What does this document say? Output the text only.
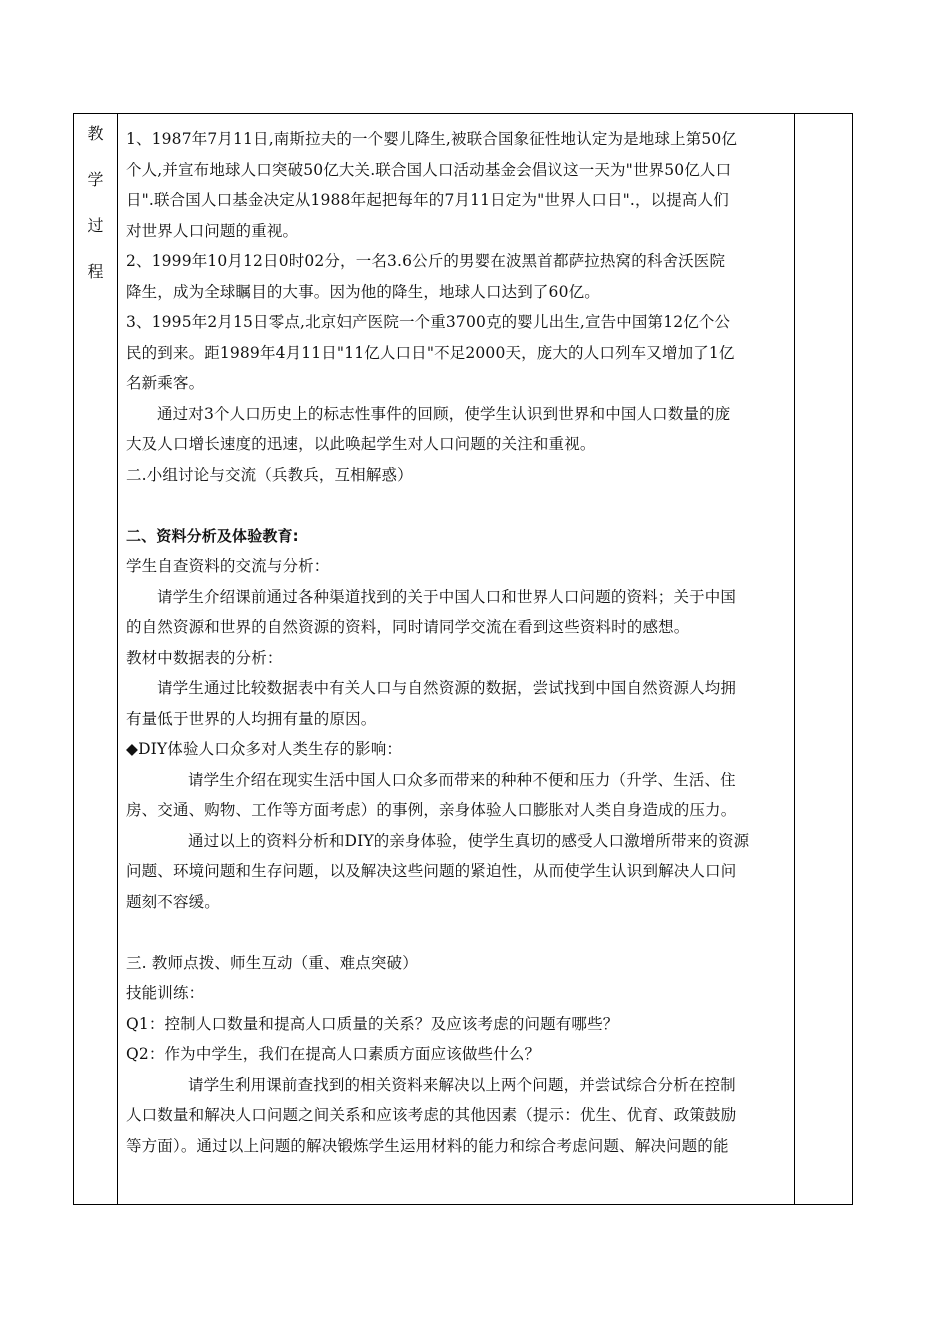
教
学
过
程

1、1987年7月11日,南斯拉夫的一个婴儿降生,被联合国象征性地认定为是地球上第50亿

个人,并宣布地球人口突破50亿大关.联合国人口活动基金会倡议这一天为"世界50亿人口

日".联合国人口基金决定从1988年起把每年的7月11日定为"世界人口日".，以提高人们

对世界人口问题的重视。

2、1999年10月12日0时02分，一名3.6公斤的男婴在波黑首都萨拉热窝的科舍沃医院

降生，成为全球瞩目的大事。因为他的降生，地球人口达到了60亿。

3、1995年2月15日零点,北京妇产医院一个重3700克的婴儿出生,宣告中国第12亿个公

民的到来。距1989年4月11日"11亿人口日"不足2000天，庞大的人口列车又增加了1亿

名新乘客。

通过对3个人口历史上的标志性事件的回顾，使学生认识到世界和中国人口数量的庞

大及人口增长速度的迅速，以此唤起学生对人口问题的关注和重视。

二.小组讨论与交流（兵教兵，互相解惑）

二、资料分析及体验教育:

学生自查资料的交流与分析：

请学生介绍课前通过各种渠道找到的关于中国人口和世界人口问题的资料；关于中国

的自然资源和世界的自然资源的资料，同时请同学交流在看到这些资料时的感想。

教材中数据表的分析：

请学生通过比较数据表中有关人口与自然资源的数据，尝试找到中国自然资源人均拥

有量低于世界的人均拥有量的原因。

◆DIY体验人口众多对人类生存的影响：

请学生介绍在现实生活中国人口众多而带来的种种不便和压力（升学、生活、住

房、交通、购物、工作等方面考虑）的事例，亲身体验人口膨胀对人类自身造成的压力。

通过以上的资料分析和DIY的亲身体验，使学生真切的感受人口激增所带来的资源

问题、环境问题和生存问题，以及解决这些问题的紧迫性，从而使学生认识到解决人口问

题刻不容缓。

三. 教师点拨、师生互动（重、难点突破）

技能训练：

Q1：控制人口数量和提高人口质量的关系？及应该考虑的问题有哪些？

Q2：作为中学生，我们在提高人口素质方面应该做些什么？

请学生利用课前查找到的相关资料来解决以上两个问题，并尝试综合分析在控制

人口数量和解决人口问题之间关系和应该考虑的其他因素（提示：优生、优育、政策鼓励

等方面）。通过以上问题的解决锻炼学生运用材料的能力和综合考虑问题、解决问题的能
